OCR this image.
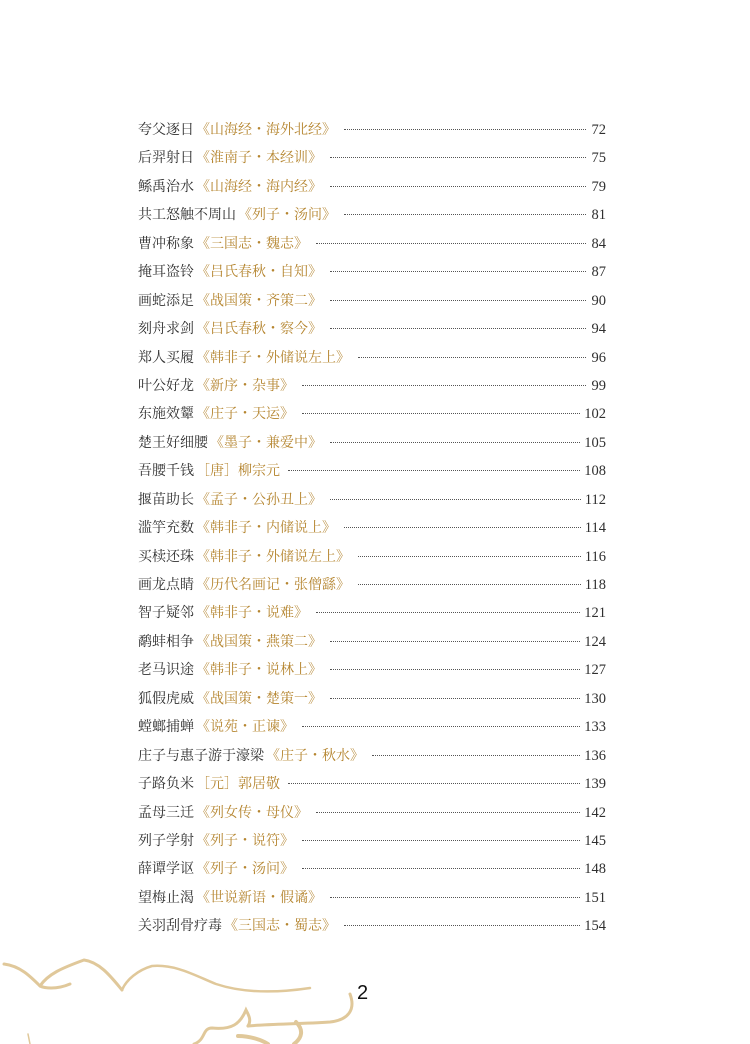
夸父逐日 《山海经・海外北经》	72
后羿射日 《淮南子・本经训》	75
鲧禹治水 《山海经・海内经》	79
共工怒触不周山 《列子・汤问》	81
曹冲称象 《三国志・魏志》	84
掩耳盗铃 《吕氏春秋・自知》	87
画蛇添足 《战国策・齐策二》	90
刻舟求剑 《吕氏春秋・察今》	94
郑人买履 《韩非子・外储说左上》	96
叶公好龙 《新序・杂事》	99
东施效颦 《庄子・天运》	102
楚王好细腰 《墨子・兼爱中》	105
吾腰千钱 ［唐］柳宗元	108
揠苗助长 《孟子・公孙丑上》	112
滥竽充数 《韩非子・内储说上》	114
买椟还珠 《韩非子・外储说左上》	116
画龙点睛 《历代名画记・张僧繇》	118
智子疑邻 《韩非子・说难》	121
鹬蚌相争 《战国策・燕策二》	124
老马识途 《韩非子・说林上》	127
狐假虎威 《战国策・楚策一》	130
螳螂捕蝉 《说苑・正谏》	133
庄子与惠子游于濠梁 《庄子・秋水》	136
子路负米 ［元］郭居敬	139
孟母三迁 《列女传・母仪》	142
列子学射 《列子・说符》	145
薛谭学讴 《列子・汤问》	148
望梅止渴 《世说新语・假谲》	151
关羽刮骨疗毒 《三国志・蜀志》	154
2
